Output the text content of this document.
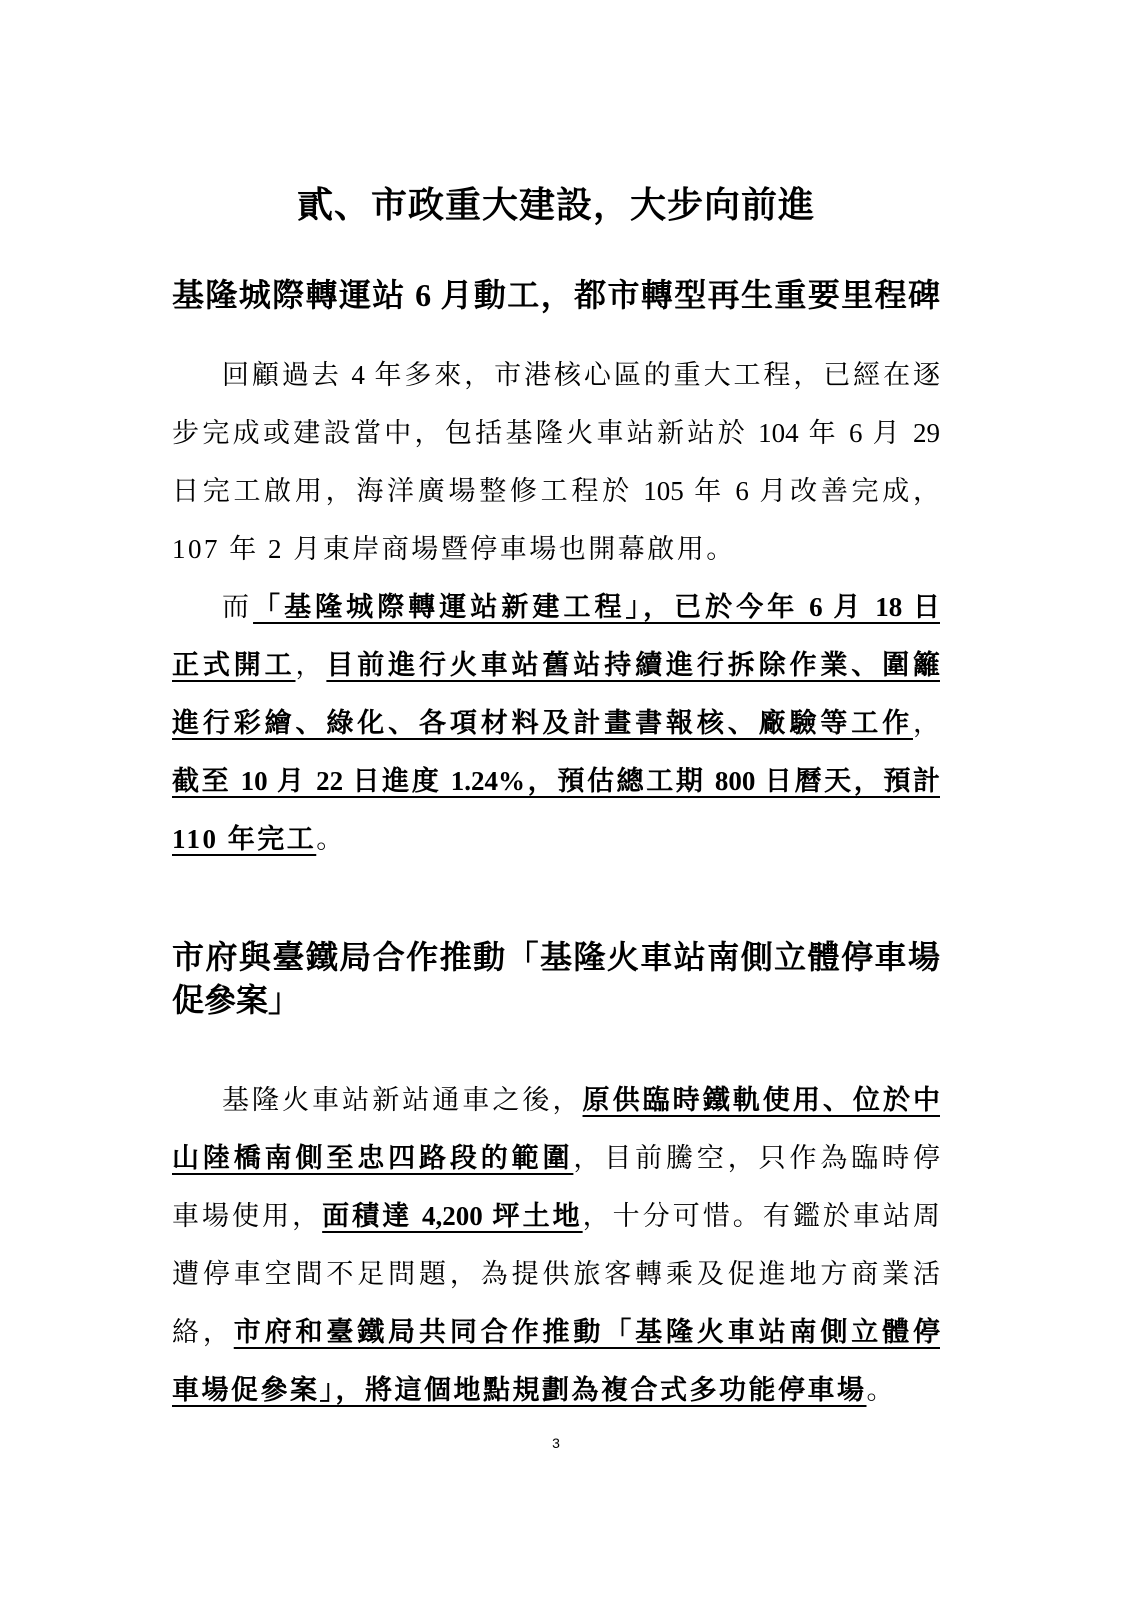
貳、市政重大建設，大步向前進
基隆城際轉運站 6 月動工，都市轉型再生重要里程碑
回顧過去 4 年多來，市港核心區的重大工程，已經在逐
步完成或建設當中，包括基隆火車站新站於 104 年 6 月 29
日完工啟用，海洋廣場整修工程於 105 年 6 月改善完成，
107 年 2 月東岸商場暨停車場也開幕啟用。
而「基隆城際轉運站新建工程」，已於今年 6 月 18 日
正式開工，目前進行火車站舊站持續進行拆除作業、圍籬
進行彩繪、綠化、各項材料及計畫書報核、廠驗等工作，
截至 10 月 22 日進度 1.24%，預估總工期 800 日曆天，預計
110 年完工。
市府與臺鐵局合作推動「基隆火車站南側立體停車場
促參案」
基隆火車站新站通車之後，原供臨時鐵軌使用、位於中
山陸橋南側至忠四路段的範圍，目前騰空，只作為臨時停
車場使用，面積達 4,200 坪土地，十分可惜。有鑑於車站周
遭停車空間不足問題，為提供旅客轉乘及促進地方商業活
絡，市府和臺鐵局共同合作推動「基隆火車站南側立體停
車場促參案」，將這個地點規劃為複合式多功能停車場。
3
